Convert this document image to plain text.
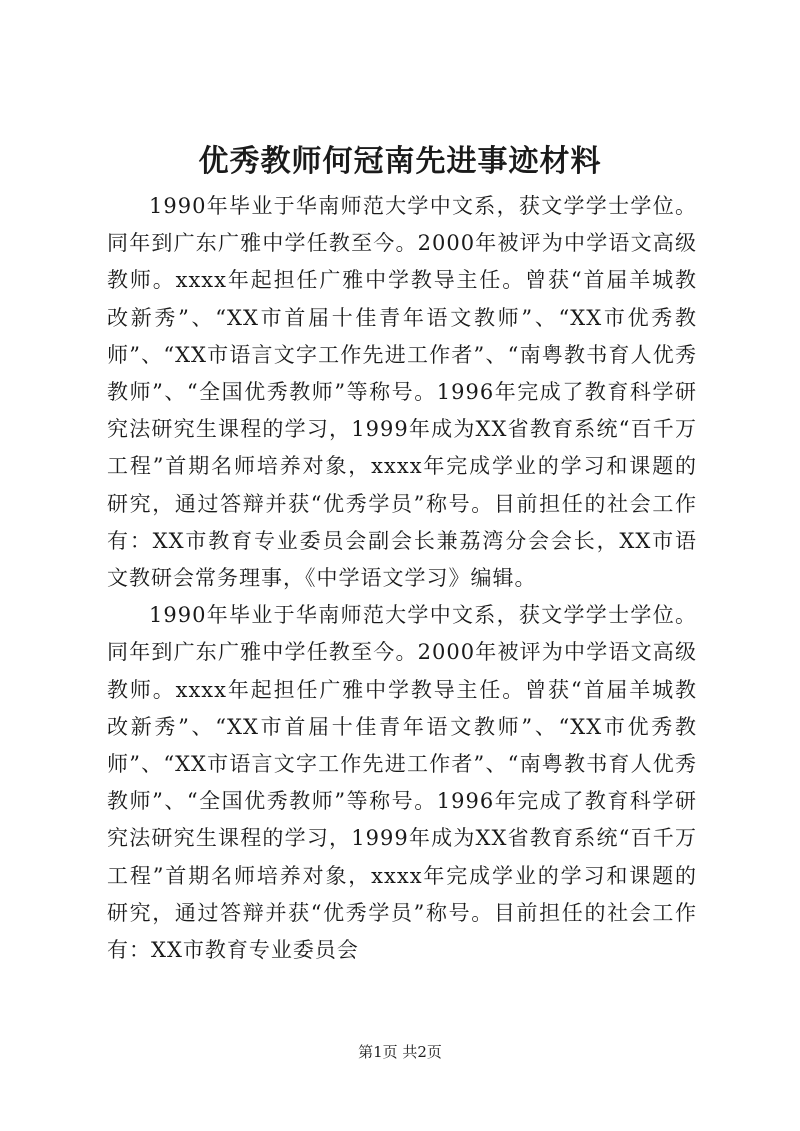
优秀教师何冠南先进事迹材料

1990年毕业于华南师范大学中文系，获文学学士学位。同年到广东广雅中学任教至今。2000年被评为中学语文高级教师。xxxx年起担任广雅中学教导主任。曾获“首届羊城教改新秀”、“XX市首届十佳青年语文教师”、“XX市优秀教师”、“XX市语言文字工作先进工作者”、“南粤教书育人优秀教师”、“全国优秀教师”等称号。1996年完成了教育科学研究法研究生课程的学习，1999年成为XX省教育系统“百千万工程”首期名师培养对象，xxxx年完成学业的学习和课题的研究，通过答辩并获“优秀学员”称号。目前担任的社会工作有：XX市教育专业委员会副会长兼荔湾分会会长，XX市语文教研会常务理事，《中学语文学习》编辑。

1990年毕业于华南师范大学中文系，获文学学士学位。同年到广东广雅中学任教至今。2000年被评为中学语文高级教师。xxxx年起担任广雅中学教导主任。曾获“首届羊城教改新秀”、“XX市首届十佳青年语文教师”、“XX市优秀教师”、“XX市语言文字工作先进工作者”、“南粤教书育人优秀教师”、“全国优秀教师”等称号。1996年完成了教育科学研究法研究生课程的学习，1999年成为XX省教育系统“百千万工程”首期名师培养对象，xxxx年完成学业的学习和课题的研究，通过答辩并获“优秀学员”称号。目前担任的社会工作有：XX市教育专业委员会

第1页 共2页
